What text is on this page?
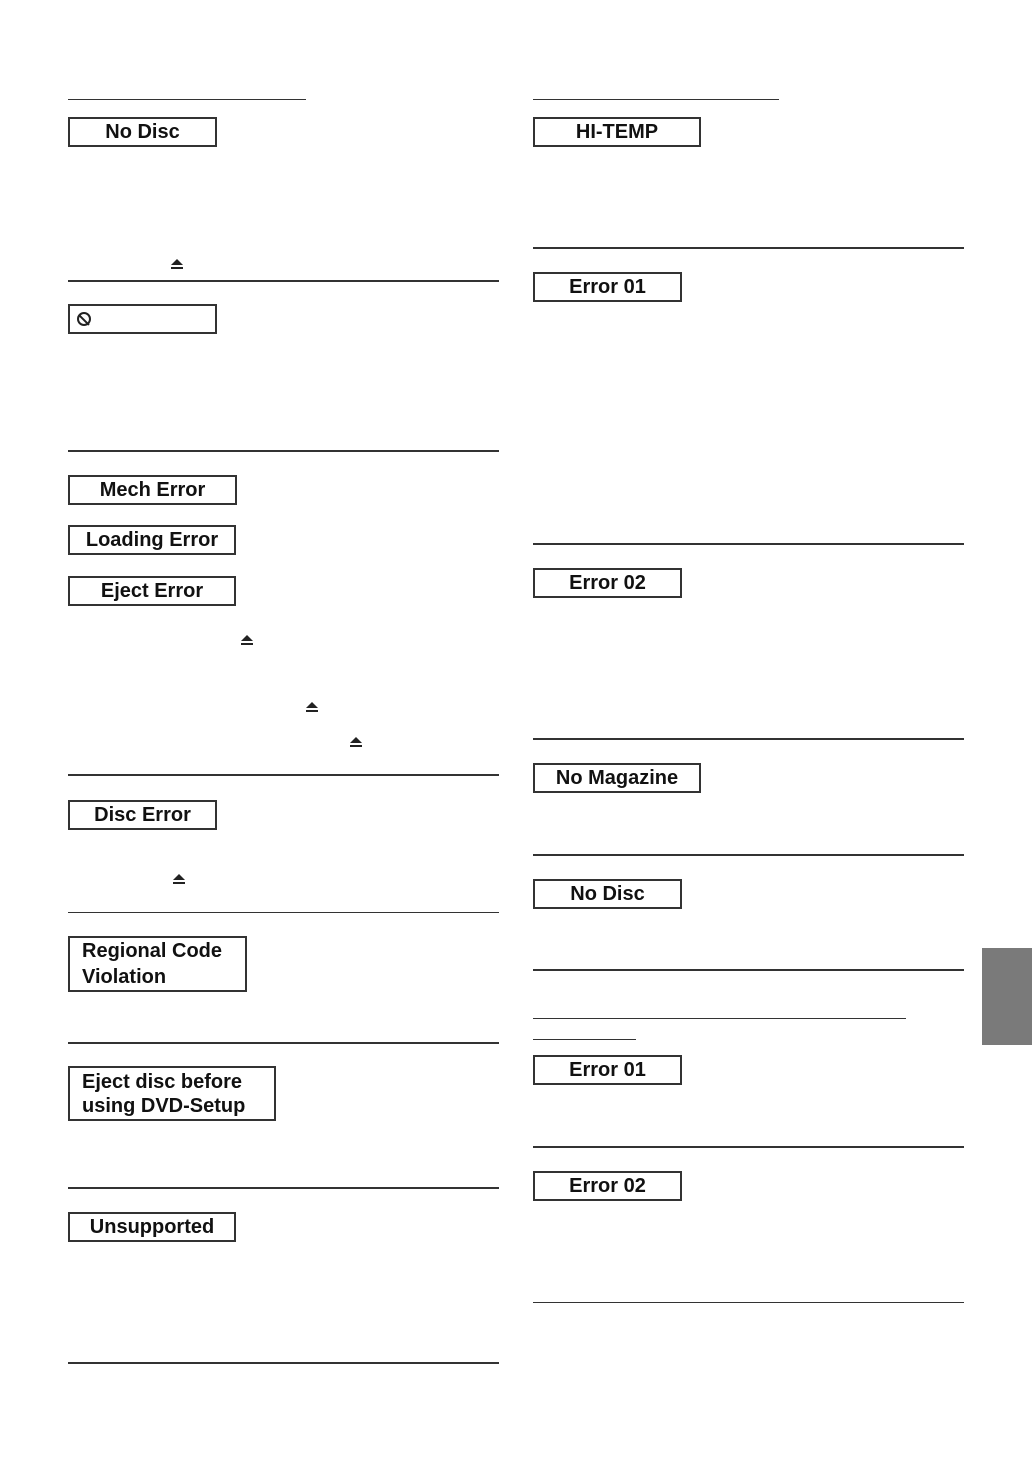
No Disc
Mech Error
Loading Error
Eject Error
Disc Error
Regional Code
Violation
Eject disc before
using DVD-Setup
Unsupported
HI-TEMP
Error 01
Error 02
No Magazine
No Disc
Error 01
Error 02
